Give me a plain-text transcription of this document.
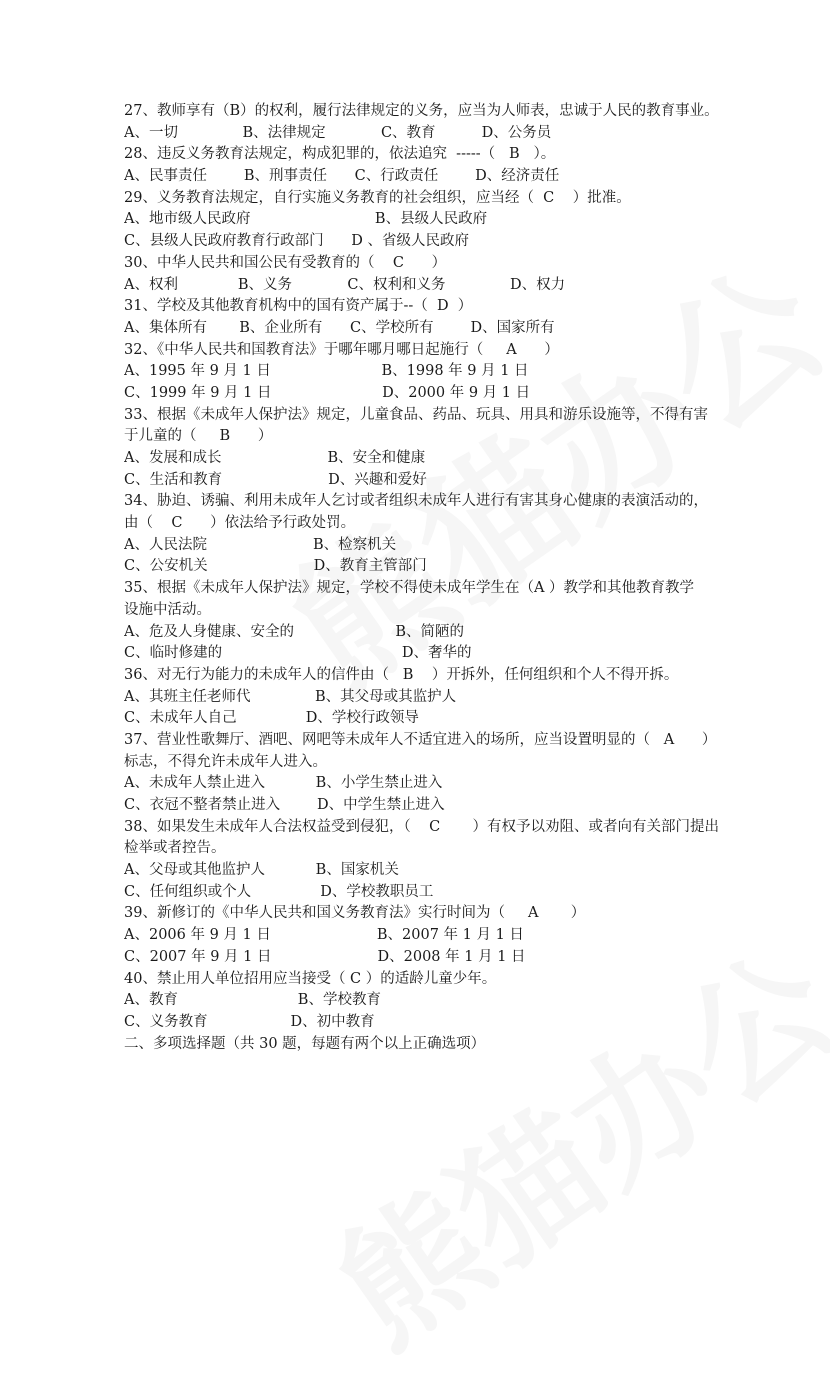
27、教师享有（B）的权利，履行法律规定的义务，应当为人师表，忠诚于人民的教育事业。
A、一切              B、法律规定            C、教育          D、公务员
28、违反义务教育法规定，构成犯罪的，依法追究  -----（   B   ）。
A、民事责任        B、刑事责任      C、行政责任        D、经济责任
29、义务教育法规定，自行实施义务教育的社会组织，应当经（  C    ）批准。
A、地市级人民政府                           B、县级人民政府
C、县级人民政府教育行政部门      D 、省级人民政府
30、中华人民共和国公民有受教育的（    C      ）
A、权利             B、义务            C、权利和义务              D、权力
31、学校及其他教育机构中的国有资产属于--（  D  ）
A、集体所有       B、企业所有      C、学校所有        D、国家所有
32、《中华人民共和国教育法》于哪年哪月哪日起施行（     A      ）
A、1995 年 9 月 1 日                        B、1998 年 9 月 1 日
C、1999 年 9 月 1 日                        D、2000 年 9 月 1 日
33、根据《未成年人保护法》规定，儿童食品、药品、玩具、用具和游乐设施等，不得有害
于儿童的（     B      ）
A、发展和成长                       B、安全和健康
C、生活和教育                       D、兴趣和爱好
34、胁迫、诱骗、利用未成年人乞讨或者组织未成年人进行有害其身心健康的表演活动的，
由（    C      ）依法给予行政处罚。
A、人民法院                       B、检察机关
C、公安机关                       D、教育主管部门
35、根据《未成年人保护法》规定，学校不得使未成年学生在（A ）教学和其他教育教学
设施中活动。
A、危及人身健康、安全的                      B、简陋的
C、临时修建的                                       D、奢华的
36、对无行为能力的未成年人的信件由（   B    ）开拆外，任何组织和个人不得开拆。
A、其班主任老师代              B、其父母或其监护人
C、未成年人自己               D、学校行政领导
37、营业性歌舞厅、酒吧、网吧等未成年人不适宜进入的场所，应当设置明显的（   A      ）
标志，不得允许未成年人进入。
A、未成年人禁止进入           B、小学生禁止进入
C、衣冠不整者禁止进入        D、中学生禁止进入
38、如果发生未成年人合法权益受到侵犯，（    C       ）有权予以劝阻、或者向有关部门提出
检举或者控告。
A、父母或其他监护人           B、国家机关
C、任何组织或个人               D、学校教职员工
39、新修订的《中华人民共和国义务教育法》实行时间为（     A       ）
A、2006 年 9 月 1 日                       B、2007 年 1 月 1 日
C、2007 年 9 月 1 日                       D、2008 年 1 月 1 日
40、禁止用人单位招用应当接受（ C ）的适龄儿童少年。
A、教育                          B、学校教育
C、义务教育                  D、初中教育
二、多项选择题（共 30 题，每题有两个以上正确选项）
